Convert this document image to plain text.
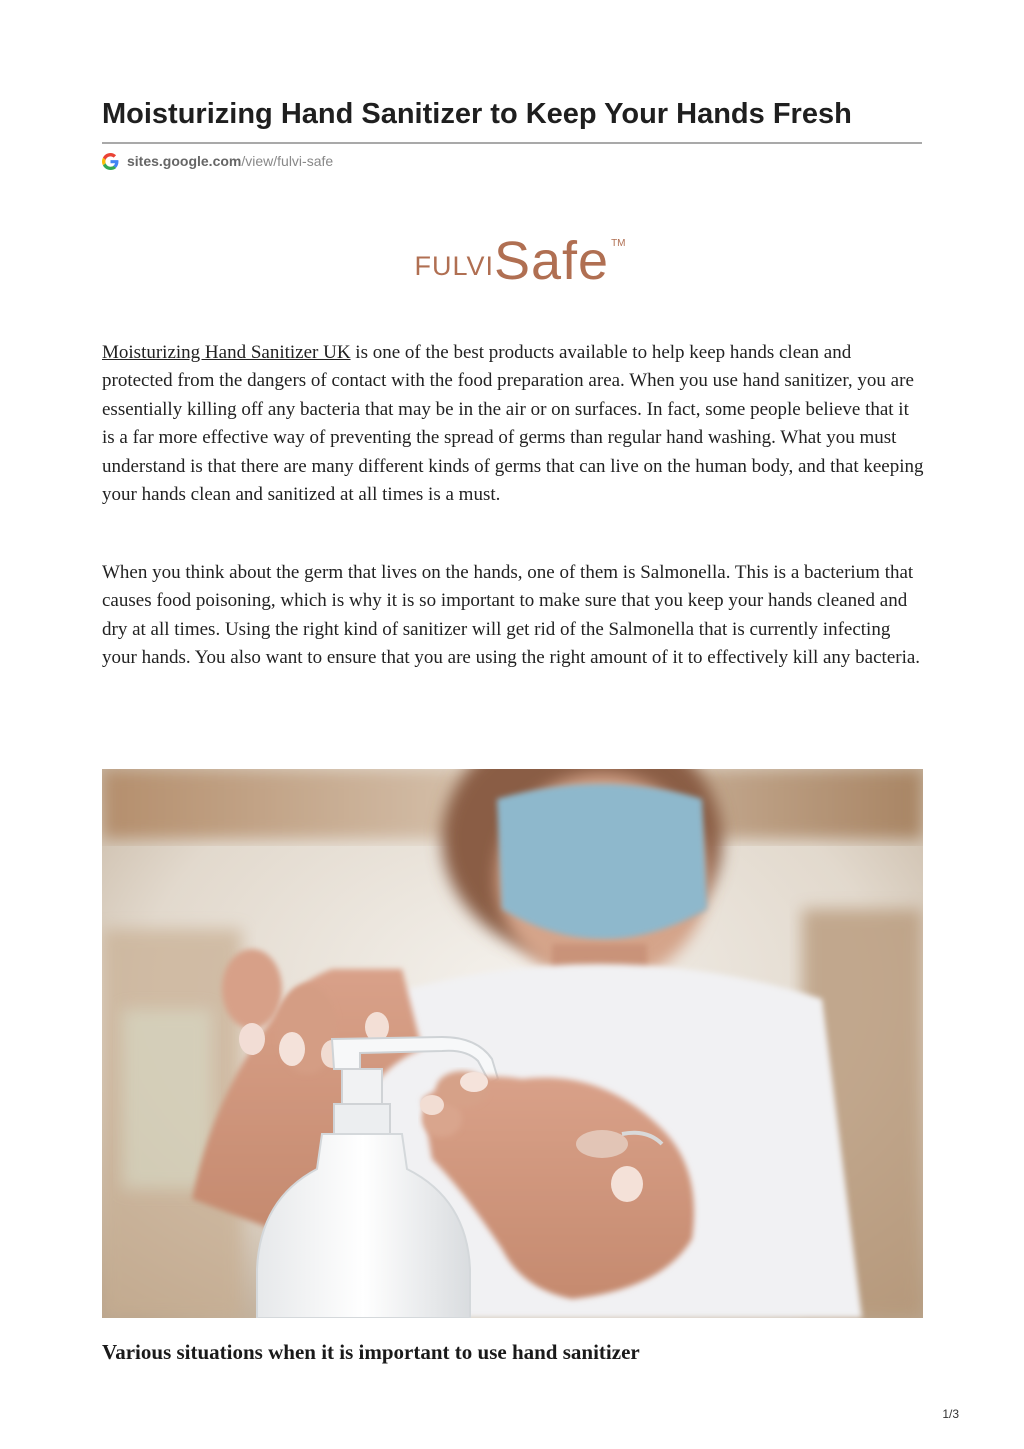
Moisturizing Hand Sanitizer to Keep Your Hands Fresh
sites.google.com /view/fulvi-safe
FULVI Safe TM

Moisturizing Hand Sanitizer UK is one of the best products available to help keep hands clean and protected from the dangers of contact with the food preparation area. When you use hand sanitizer, you are essentially killing off any bacteria that may be in the air or on surfaces. In fact, some people believe that it is a far more effective way of preventing the spread of germs than regular hand washing. What you must understand is that there are many different kinds of germs that can live on the human body, and that keeping your hands clean and sanitized at all times is a must.

When you think about the germ that lives on the hands, one of them is Salmonella. This is a bacterium that causes food poisoning, which is why it is so important to make sure that you keep your hands cleaned and dry at all times. Using the right kind of sanitizer will get rid of the Salmonella that is currently infecting your hands. You also want to ensure that you are using the right amount of it to effectively kill any bacteria.

Various situations when it is important to use hand sanitizer
1/3
